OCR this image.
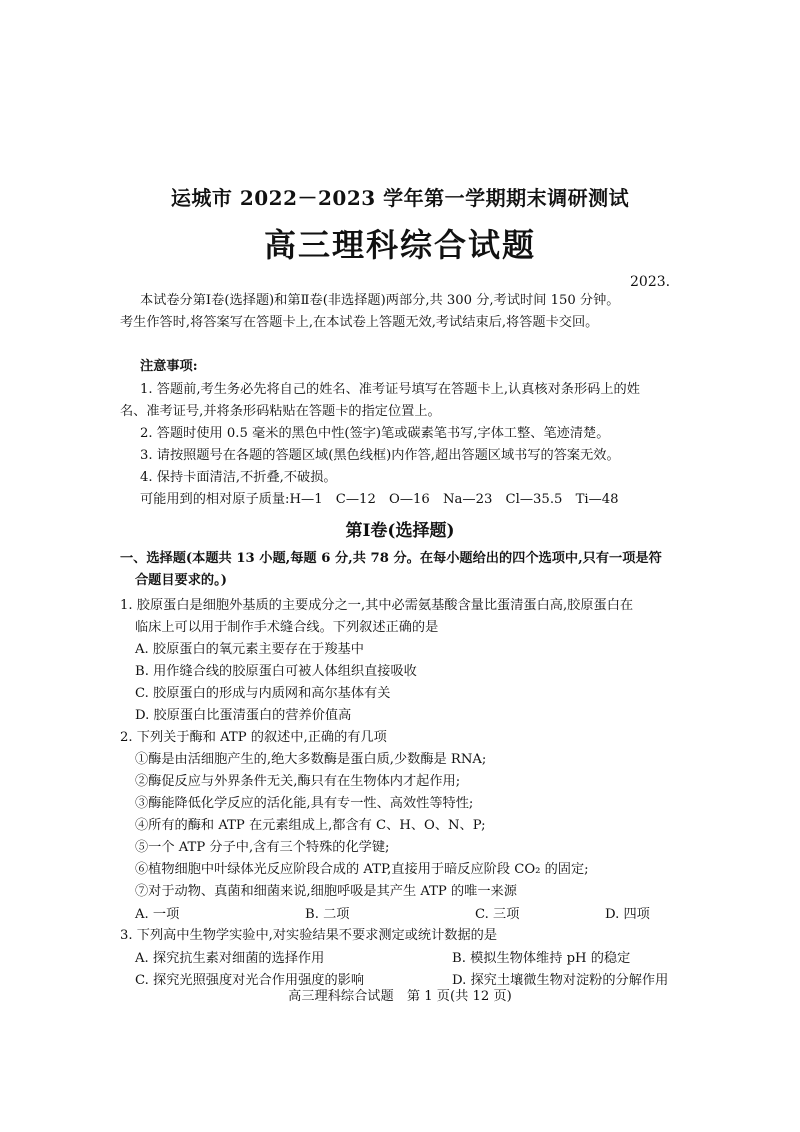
运城市 2022－2023 学年第一学期期末调研测试
高三理科综合试题
2023.
本试卷分第Ⅰ卷(选择题)和第Ⅱ卷(非选择题)两部分,共 300 分,考试时间 150 分钟。
考生作答时,将答案写在答题卡上,在本试卷上答题无效,考试结束后,将答题卡交回。
注意事项:
1. 答题前,考生务必先将自己的姓名、准考证号填写在答题卡上,认真核对条形码上的姓
名、准考证号,并将条形码粘贴在答题卡的指定位置上。
2. 答题时使用 0.5 毫米的黑色中性(签字)笔或碳素笔书写,字体工整、笔迹清楚。
3. 请按照题号在各题的答题区域(黑色线框)内作答,超出答题区域书写的答案无效。
4. 保持卡面清洁,不折叠,不破损。
可能用到的相对原子质量:H—1　C—12　O—16　Na—23　Cl—35.5　Ti—48
第Ⅰ卷(选择题)
一、选择题(本题共 13 小题,每题 6 分,共 78 分。在每小题给出的四个选项中,只有一项是符
合题目要求的。)
1. 胶原蛋白是细胞外基质的主要成分之一,其中必需氨基酸含量比蛋清蛋白高,胶原蛋白在
临床上可以用于制作手术缝合线。下列叙述正确的是
A. 胶原蛋白的氧元素主要存在于羧基中
B. 用作缝合线的胶原蛋白可被人体组织直接吸收
C. 胶原蛋白的形成与内质网和高尔基体有关
D. 胶原蛋白比蛋清蛋白的营养价值高
2. 下列关于酶和 ATP 的叙述中,正确的有几项
①酶是由活细胞产生的,绝大多数酶是蛋白质,少数酶是 RNA;
②酶促反应与外界条件无关,酶只有在生物体内才起作用;
③酶能降低化学反应的活化能,具有专一性、高效性等特性;
④所有的酶和 ATP 在元素组成上,都含有 C、H、O、N、P;
⑤一个 ATP 分子中,含有三个特殊的化学键;
⑥植物细胞中叶绿体光反应阶段合成的 ATP,直接用于暗反应阶段 CO₂ 的固定;
⑦对于动物、真菌和细菌来说,细胞呼吸是其产生 ATP 的唯一来源
A. 一项	B. 二项	C. 三项	D. 四项
3. 下列高中生物学实验中,对实验结果不要求测定或统计数据的是
A. 探究抗生素对细菌的选择作用	B. 模拟生物体维持 pH 的稳定
C. 探究光照强度对光合作用强度的影响	D. 探究土壤微生物对淀粉的分解作用
高三理科综合试题　第 1 页(共 12 页)
